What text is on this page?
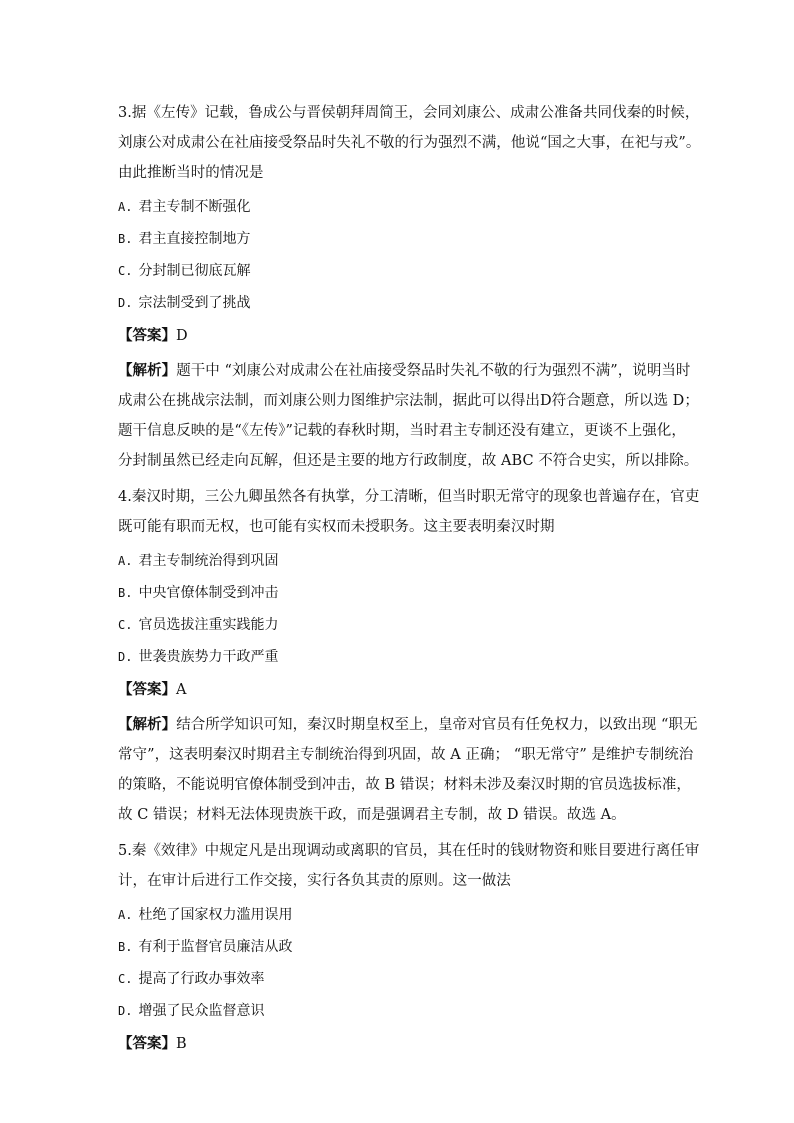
3.据《左传》记载，鲁成公与晋侯朝拜周简王，会同刘康公、成肃公准备共同伐秦的时候，

刘康公对成肃公在社庙接受祭品时失礼不敬的行为强烈不满，他说“国之大事，在祀与戎”。

由此推断当时的情况是

A. 君主专制不断强化

B. 君主直接控制地方

C. 分封制已彻底瓦解

D. 宗法制受到了挑战

【答案】D

【解析】题干中 “刘康公对成肃公在社庙接受祭品时失礼不敬的行为强烈不满”，说明当时

成肃公在挑战宗法制，而刘康公则力图维护宗法制，据此可以得出D符合题意，所以选 D；

题干信息反映的是“《左传》”记载的春秋时期，当时君主专制还没有建立，更谈不上强化，

分封制虽然已经走向瓦解，但还是主要的地方行政制度，故 ABC 不符合史实，所以排除。

4.秦汉时期，三公九卿虽然各有执掌，分工清晰，但当时职无常守的现象也普遍存在，官吏

既可能有职而无权，也可能有实权而未授职务。这主要表明秦汉时期

A. 君主专制统治得到巩固

B. 中央官僚体制受到冲击

C. 官员选拔注重实践能力

D. 世袭贵族势力干政严重

【答案】A

【解析】结合所学知识可知，秦汉时期皇权至上，皇帝对官员有任免权力，以致出现 “职无

常守”，这表明秦汉时期君主专制统治得到巩固，故 A 正确； “职无常守” 是维护专制统治

的策略，不能说明官僚体制受到冲击，故 B 错误；材料未涉及秦汉时期的官员选拔标准，

故 C 错误；材料无法体现贵族干政，而是强调君主专制，故 D 错误。故选 A。

5.秦《效律》中规定凡是出现调动或离职的官员，其在任时的钱财物资和账目要进行离任审

计，在审计后进行工作交接，实行各负其责的原则。这一做法

A. 杜绝了国家权力滥用误用

B. 有利于监督官员廉洁从政

C. 提高了行政办事效率

D. 增强了民众监督意识

【答案】B
